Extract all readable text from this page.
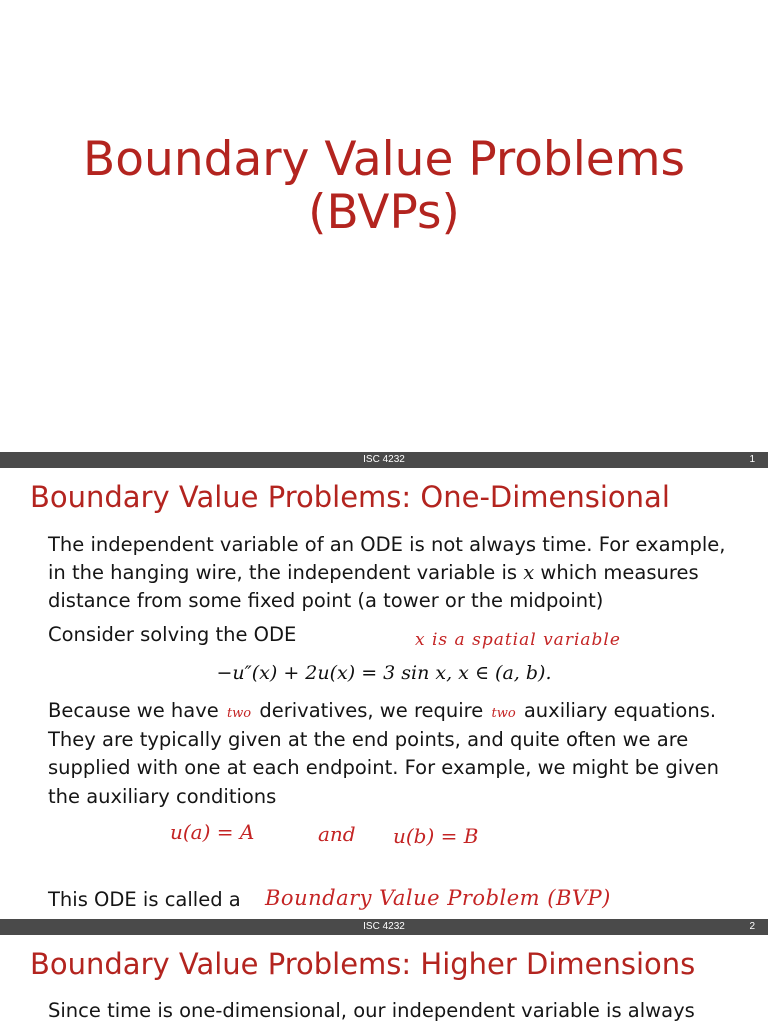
Boundary Value Problems
(BVPs)
ISC 4232	1
Boundary Value Problems: One-Dimensional
The independent variable of an ODE is not always time. For example,
in the hanging wire, the independent variable is x which measures
distance from some fixed point (a tower or the midpoint)
Consider solving the ODE	x is a spatial variable
−u″(x) + 2u(x) = 3 sin x, x ∈ (a, b).
Because we have two derivatives, we require two auxiliary equations.
They are typically given at the end points, and quite often we are
supplied with one at each endpoint. For example, we might be given
the auxiliary conditions
u(a) = A	and u(b) = B
This ODE is called a Boundary Value Problem (BVP)
ISC 4232	2
Boundary Value Problems: Higher Dimensions
Since time is one-dimensional, our independent variable is always
